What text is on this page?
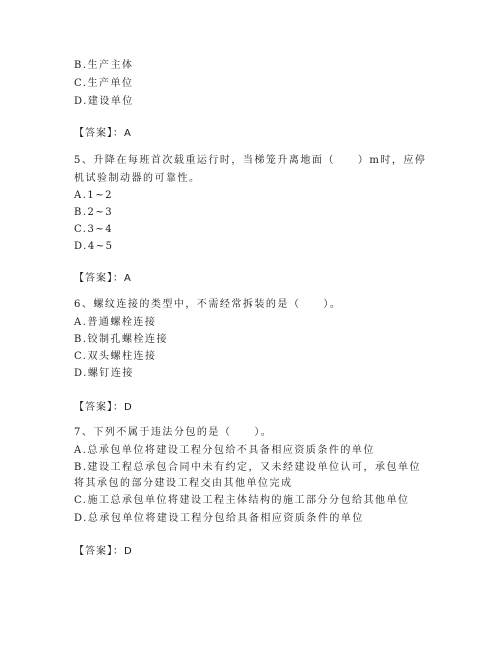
B.生产主体
C.生产单位
D.建设单位
【答案】：A
5、升降在每班首次载重运行时，当梯笼升离地面（　　）m时，应停
机试验制动器的可靠性。
A.1~2
B.2~3
C.3~4
D.4~5
【答案】：A
6、螺纹连接的类型中，不需经常拆装的是（　　）。
A.普通螺栓连接
B.铰制孔螺栓连接
C.双头螺柱连接
D.螺钉连接
【答案】：D
7、下列不属于违法分包的是（　　）。
A.总承包单位将建设工程分包给不具备相应资质条件的单位
B.建设工程总承包合同中未有约定，又未经建设单位认可，承包单位
将其承包的部分建设工程交由其他单位完成
C.施工总承包单位将建设工程主体结构的施工部分分包给其他单位
D.总承包单位将建设工程分包给具备相应资质条件的单位
【答案】：D
